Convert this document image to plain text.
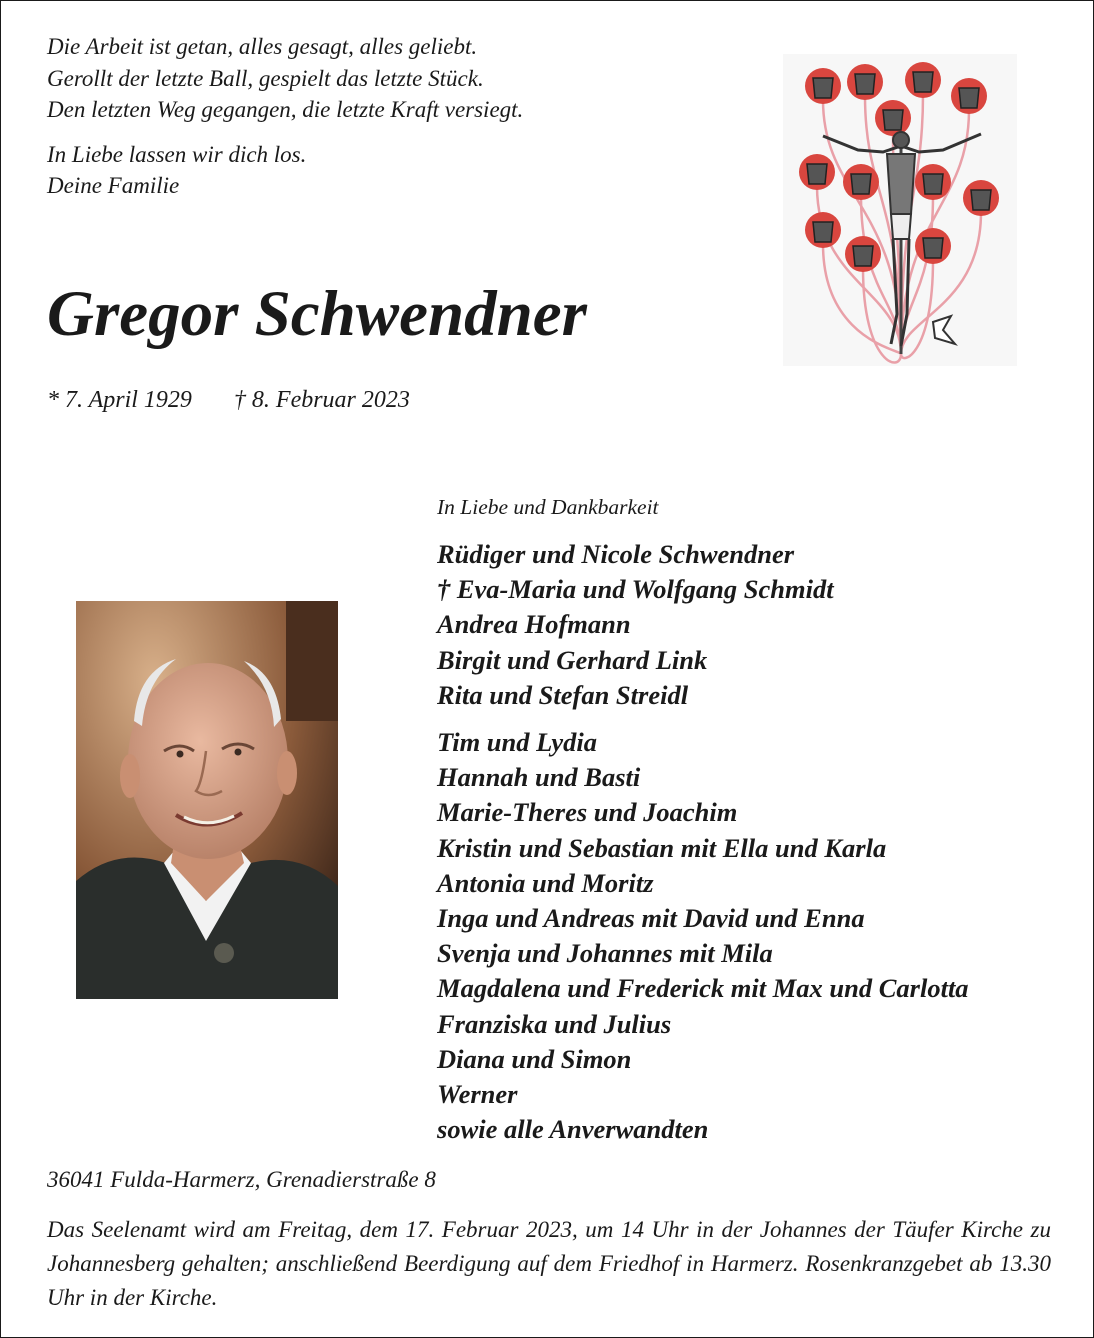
Die Arbeit ist getan, alles gesagt, alles geliebt.
Gerollt der letzte Ball, gespielt das letzte Stück.
Den letzten Weg gegangen, die letzte Kraft versiegt.
In Liebe lassen wir dich los.
Deine Familie
Gregor Schwendner
* 7. April 1929 † 8. Februar 2023
In Liebe und Dankbarkeit
Rüdiger und Nicole Schwendner
† Eva-Maria und Wolfgang Schmidt
Andrea Hofmann
Birgit und Gerhard Link
Rita und Stefan Streidl
Tim und Lydia
Hannah und Basti
Marie-Theres und Joachim
Kristin und Sebastian mit Ella und Karla
Antonia und Moritz
Inga und Andreas mit David und Enna
Svenja und Johannes mit Mila
Magdalena und Frederick mit Max und Carlotta
Franziska und Julius
Diana und Simon
Werner
sowie alle Anverwandten
36041 Fulda-Harmerz, Grenadierstraße 8
Das Seelenamt wird am Freitag, dem 17. Februar 2023, um 14 Uhr in der Johannes der Täufer Kirche zu Johannesberg gehalten; anschließend Beerdigung auf dem Friedhof in Harmerz. Rosenkranzgebet ab 13.30 Uhr in der Kirche.
